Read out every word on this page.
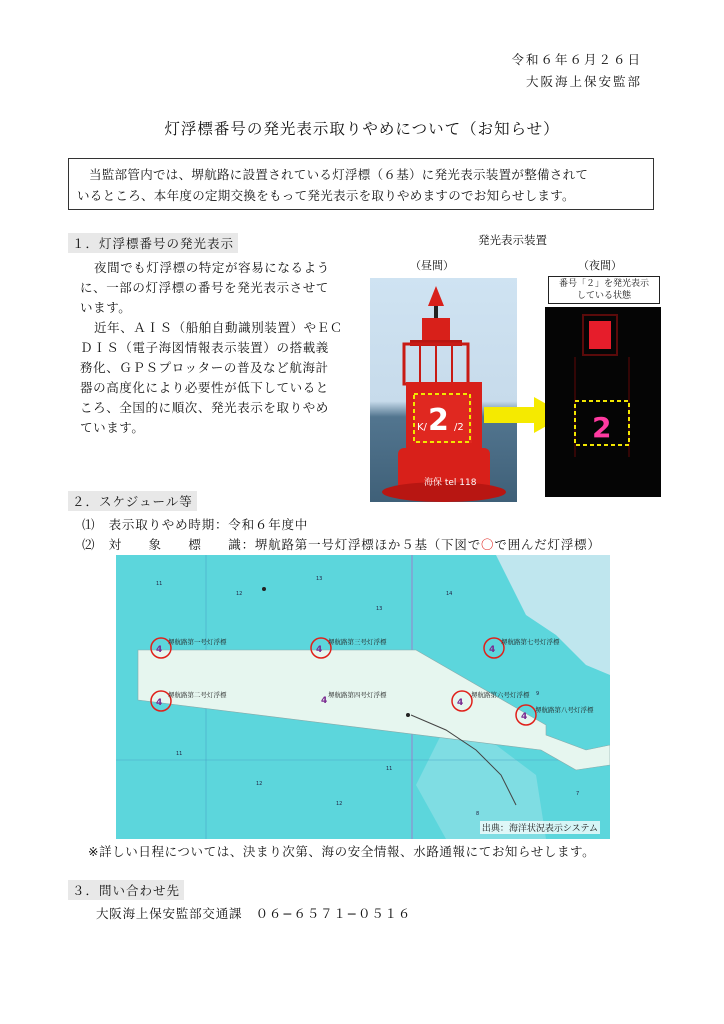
令和６年６月２６日
大阪海上保安監部
灯浮標番号の発光表示取りやめについて（お知らせ）
当監部管内では、堺航路に設置されている灯浮標（６基）に発光表示装置が整備されて
いるところ、本年度の定期交換をもって発光表示を取りやめますのでお知らせします。
１．灯浮標番号の発光表示
夜間でも灯浮標の特定が容易になるよう
に、一部の灯浮標の番号を発光表示させて
います。
近年、ＡＩＳ（船舶自動識別装置）やＥＣ
ＤＩＳ（電子海図情報表示装置）の搭載義
務化、ＧＰＳプロッターの普及など航海計
器の高度化により必要性が低下していると
ころ、全国的に順次、発光表示を取りやめ
ています。
発光表示装置
（昼間）	（夜間）
2
K/	/2
海保 tel 118
番号「２」を発光表示
している状態
2
２．スケジュール等
⑴　表示取りやめ時期：令和６年度中
⑵　対　　象　　標　　識：堺航路第一号灯浮標ほか５基（下図で〇で囲んだ灯浮標）
11
12
13
13
14
11
12
12
11
9
7
8
4	4	4
4	4	4
4
堺航路第一号灯浮標	堺航路第三号灯浮標	堺航路第七号灯浮標
堺航路第二号灯浮標	堺航路第四号灯浮標	堺航路第六号灯浮標
堺航路第八号灯浮標
出典：海洋状況表示システム
※詳しい日程については、決まり次第、海の安全情報、水路通報にてお知らせします。
３．問い合わせ先
大阪海上保安監部交通課　０６−６５７１−０５１６
